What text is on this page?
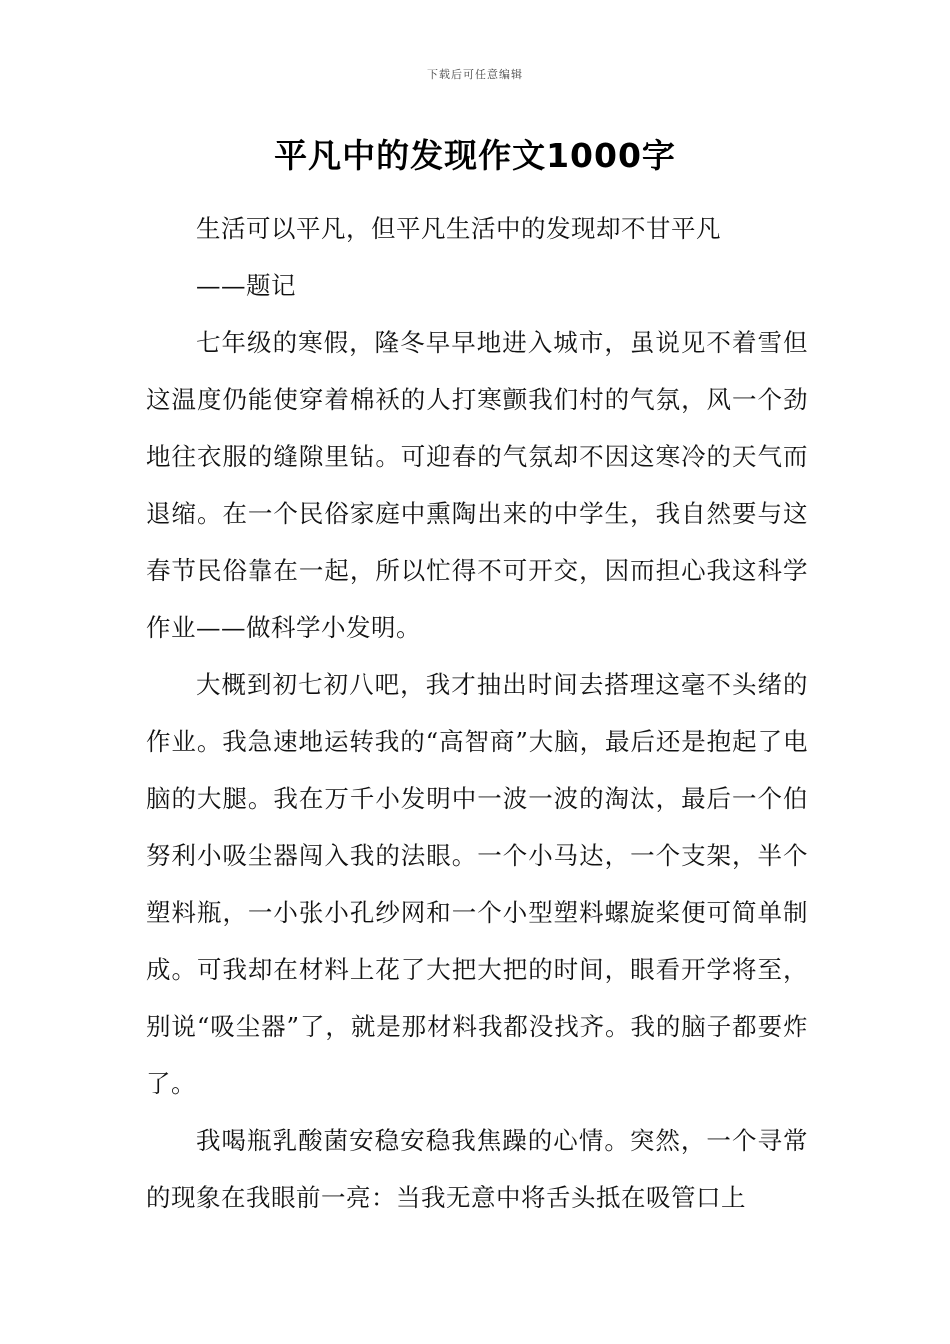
下载后可任意编辑
平凡中的发现作文1000字

生活可以平凡，但平凡生活中的发现却不甘平凡

——题记

七年级的寒假，隆冬早早地进入城市，虽说见不着雪但这温度仍能使穿着棉袄的人打寒颤我们村的气氛，风一个劲地往衣服的缝隙里钻。可迎春的气氛却不因这寒冷的天气而退缩。在一个民俗家庭中熏陶出来的中学生，我自然要与这春节民俗靠在一起，所以忙得不可开交，因而担心我这科学作业——做科学小发明。

大概到初七初八吧，我才抽出时间去搭理这毫不头绪的作业。我急速地运转我的“高智商”大脑，最后还是抱起了电脑的大腿。我在万千小发明中一波一波的淘汰，最后一个伯努利小吸尘器闯入我的法眼。一个小马达，一个支架，半个塑料瓶，一小张小孔纱网和一个小型塑料螺旋桨便可简单制成。可我却在材料上花了大把大把的时间，眼看开学将至，别说“吸尘器”了，就是那材料我都没找齐。我的脑子都要炸了。

我喝瓶乳酸菌安稳安稳我焦躁的心情。突然，一个寻常的现象在我眼前一亮：当我无意中将舌头抵在吸管口上
